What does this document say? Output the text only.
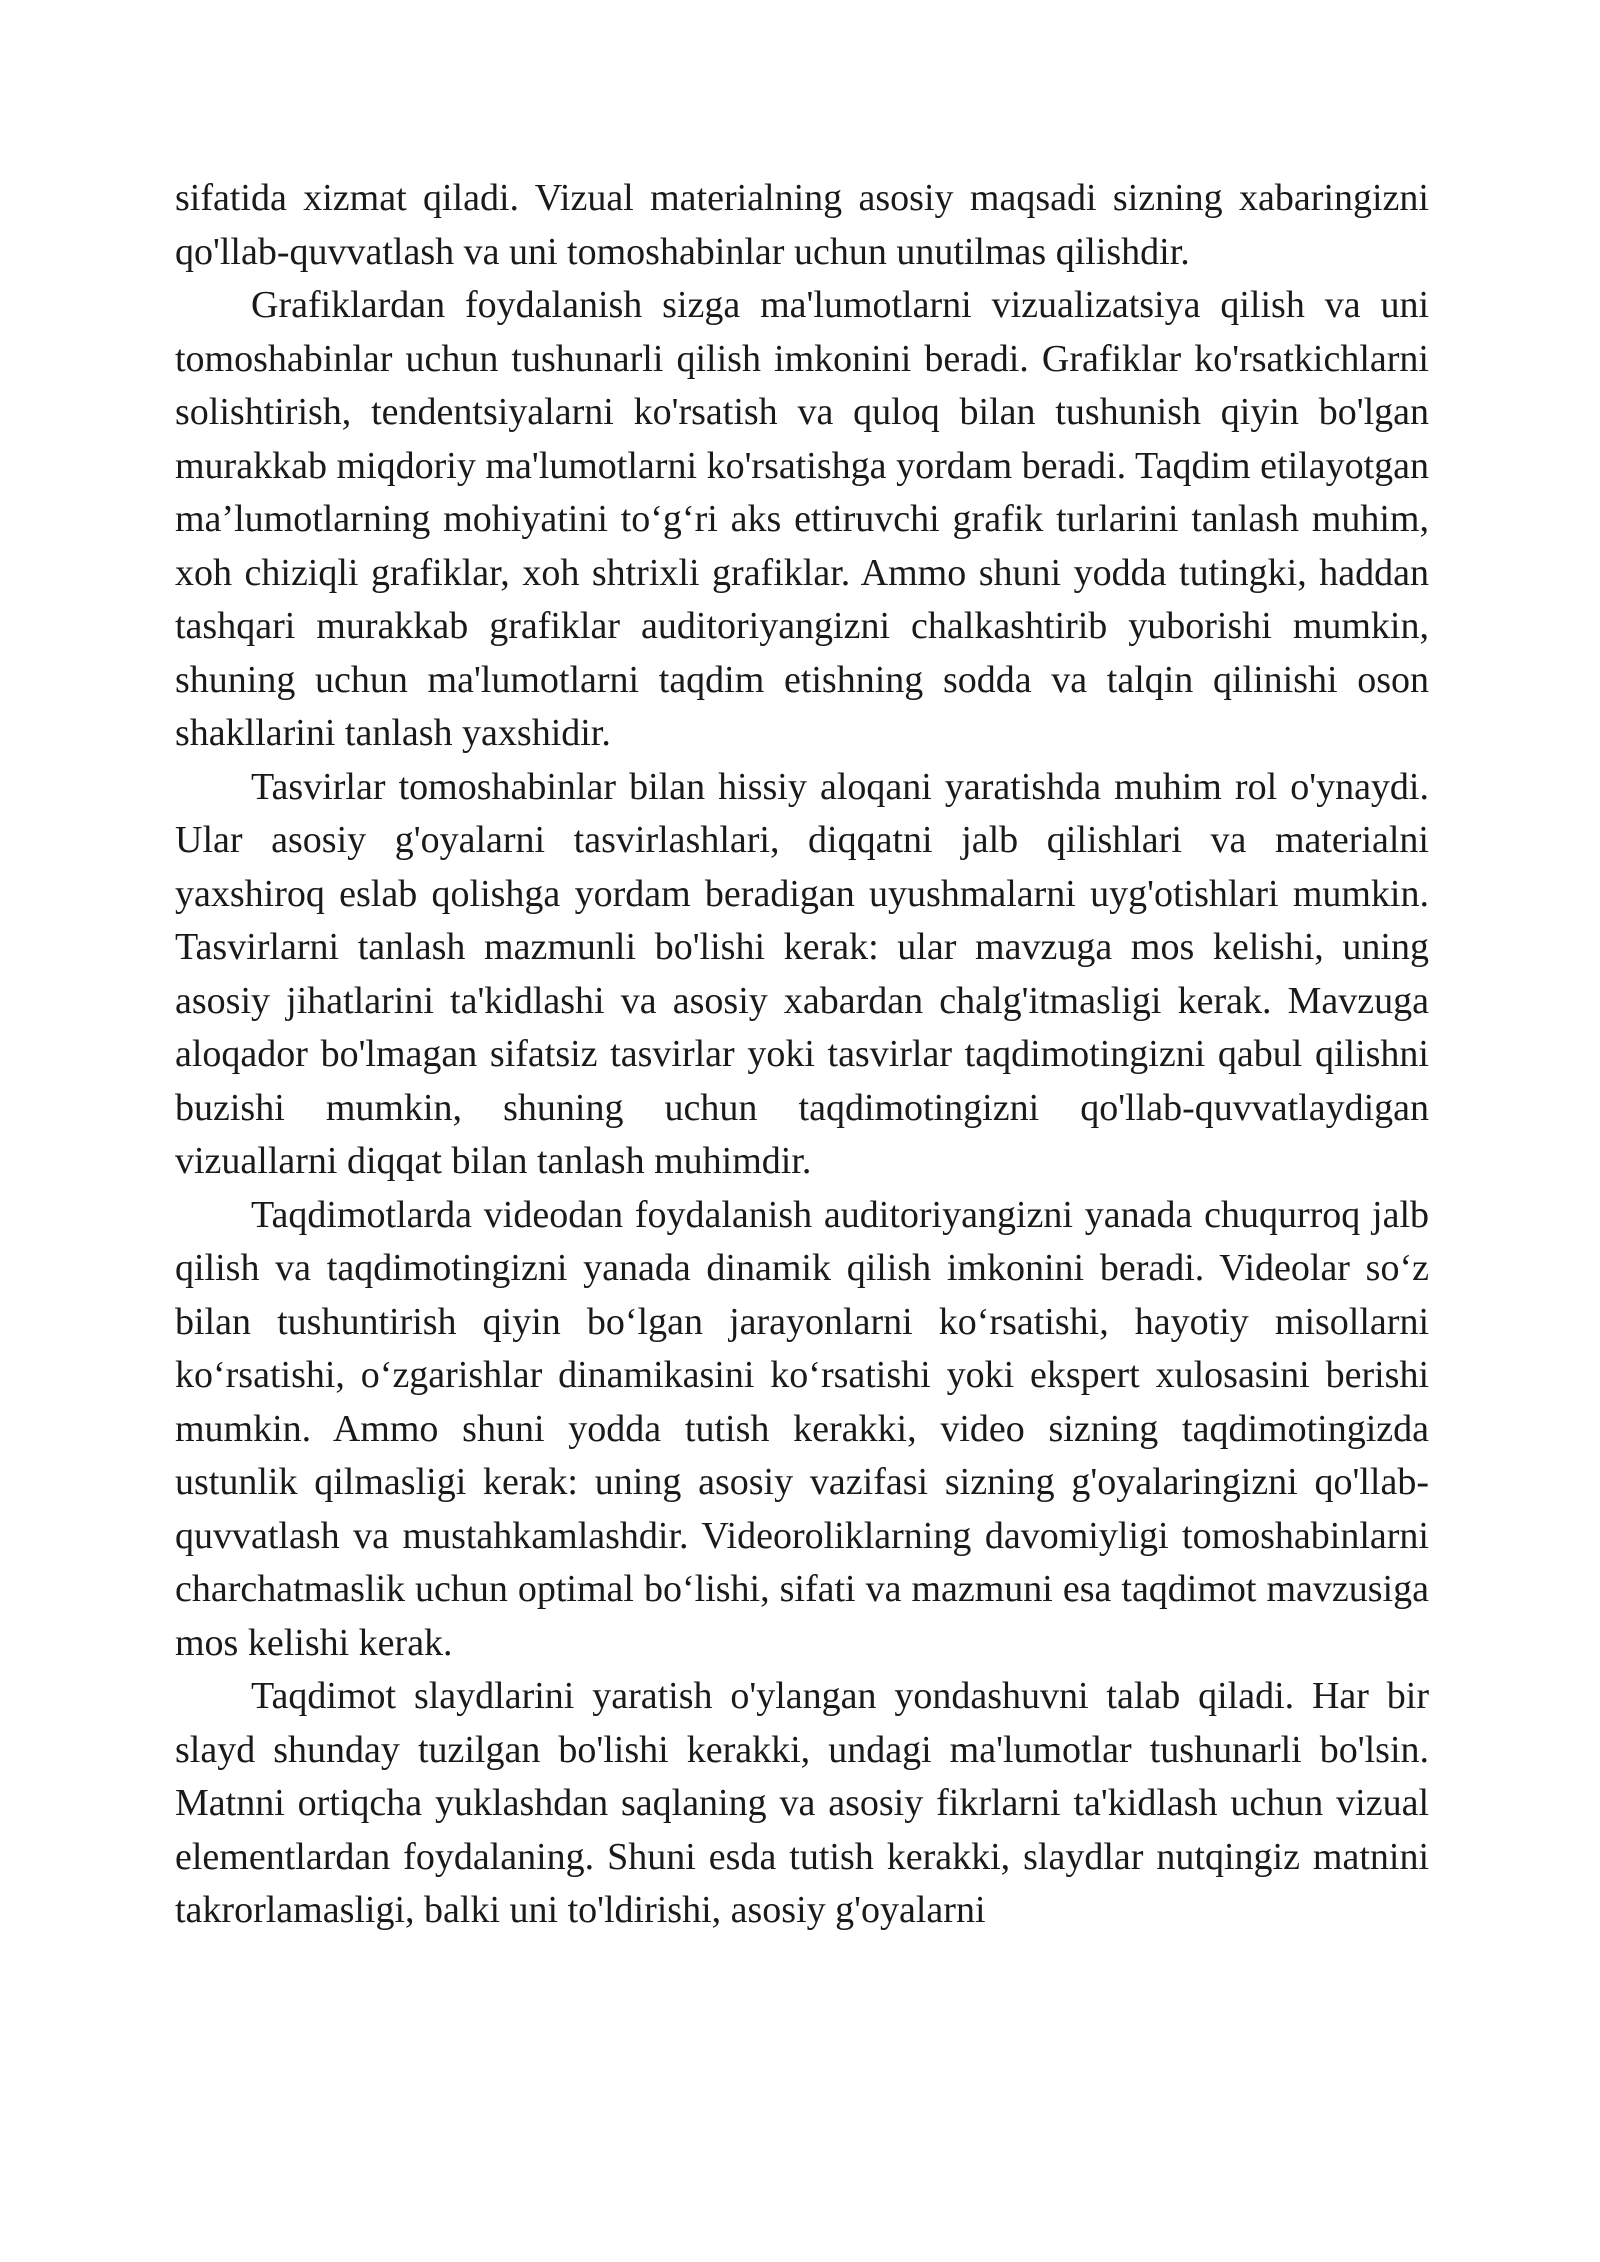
sifatida xizmat qiladi. Vizual materialning asosiy maqsadi sizning xabaringizni qo'llab-quvvatlash va uni tomoshabinlar uchun unutilmas qilishdir.

Grafiklardan foydalanish sizga ma'lumotlarni vizualizatsiya qilish va uni tomoshabinlar uchun tushunarli qilish imkonini beradi. Grafiklar ko'rsatkichlarni solishtirish, tendentsiyalarni ko'rsatish va quloq bilan tushunish qiyin bo'lgan murakkab miqdoriy ma'lumotlarni ko'rsatishga yordam beradi. Taqdim etilayotgan ma’lumotlarning mohiyatini to‘g‘ri aks ettiruvchi grafik turlarini tanlash muhim, xoh chiziqli grafiklar, xoh shtrixli grafiklar. Ammo shuni yodda tutingki, haddan tashqari murakkab grafiklar auditoriyangizni chalkashtirib yuborishi mumkin, shuning uchun ma'lumotlarni taqdim etishning sodda va talqin qilinishi oson shakllarini tanlash yaxshidir.

Tasvirlar tomoshabinlar bilan hissiy aloqani yaratishda muhim rol o'ynaydi. Ular asosiy g'oyalarni tasvirlashlari, diqqatni jalb qilishlari va materialni yaxshiroq eslab qolishga yordam beradigan uyushmalarni uyg'otishlari mumkin. Tasvirlarni tanlash mazmunli bo'lishi kerak: ular mavzuga mos kelishi, uning asosiy jihatlarini ta'kidlashi va asosiy xabardan chalg'itmasligi kerak. Mavzuga aloqador bo'lmagan sifatsiz tasvirlar yoki tasvirlar taqdimotingizni qabul qilishni buzishi mumkin, shuning uchun taqdimotingizni qo'llab-quvvatlaydigan vizuallarni diqqat bilan tanlash muhimdir.

Taqdimotlarda videodan foydalanish auditoriyangizni yanada chuqurroq jalb qilish va taqdimotingizni yanada dinamik qilish imkonini beradi. Videolar so‘z bilan tushuntirish qiyin bo‘lgan jarayonlarni ko‘rsatishi, hayotiy misollarni ko‘rsatishi, o‘zgarishlar dinamikasini ko‘rsatishi yoki ekspert xulosasini berishi mumkin. Ammo shuni yodda tutish kerakki, video sizning taqdimotingizda ustunlik qilmasligi kerak: uning asosiy vazifasi sizning g'oyalaringizni qo'llab-quvvatlash va mustahkamlashdir. Videoroliklarning davomiyligi tomoshabinlarni charchatmaslik uchun optimal bo‘lishi, sifati va mazmuni esa taqdimot mavzusiga mos kelishi kerak.

Taqdimot slaydlarini yaratish o'ylangan yondashuvni talab qiladi. Har bir slayd shunday tuzilgan bo'lishi kerakki, undagi ma'lumotlar tushunarli bo'lsin. Matnni ortiqcha yuklashdan saqlaning va asosiy fikrlarni ta'kidlash uchun vizual elementlardan foydalaning. Shuni esda tutish kerakki, slaydlar nutqingiz matnini takrorlamasligi, balki uni to'ldirishi, asosiy g'oyalarni
